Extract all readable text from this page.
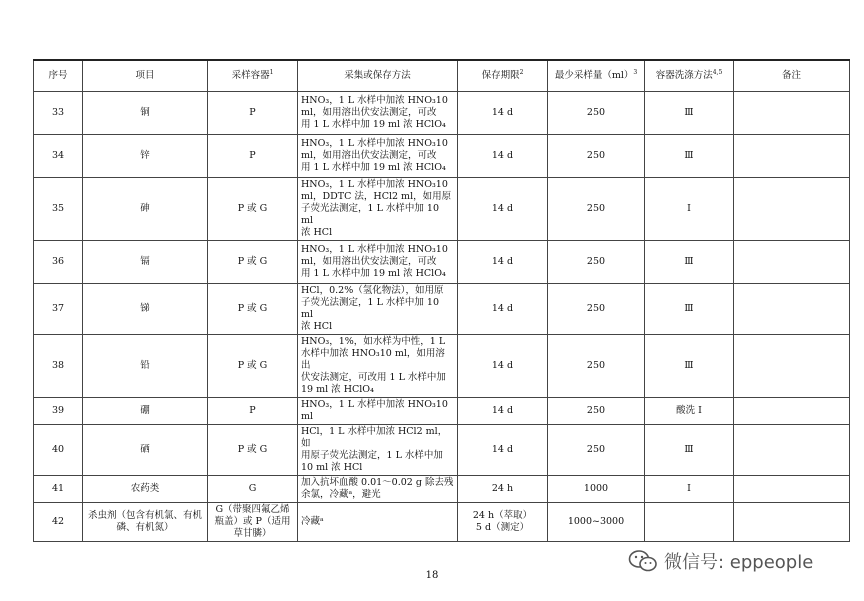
序号	项目	采样容器$^1$	采集或保存方法	保存期限$^2$	最少采样量（ml）$^3$	容器洗涤方法$^{4,5}$	备注
33	铜	P	HNO₃，1 L 水样中加浓 HNO₃10
ml，如用溶出伏安法测定，可改
用 1 L 水样中加 19 ml 浓 HClO₄	14 d	250	Ⅲ	
34	锌	P	HNO₃，1 L 水样中加浓 HNO₃10
ml，如用溶出伏安法测定，可改
用 1 L 水样中加 19 ml 浓 HClO₄	14 d	250	Ⅲ	
35	砷	P 或 G	HNO₃，1 L 水样中加浓 HNO₃10
ml，DDTC 法，HCl2 ml，如用原
子荧光法测定，1 L 水样中加 10 ml
浓 HCl	14 d	250	Ⅰ	
36	镉	P 或 G	HNO₃，1 L 水样中加浓 HNO₃10
ml，如用溶出伏安法测定，可改
用 1 L 水样中加 19 ml 浓 HClO₄	14 d	250	Ⅲ	
37	锑	P 或 G	HCl，0.2%（氢化物法），如用原
子荧光法测定，1 L 水样中加 10 ml
浓 HCl	14 d	250	Ⅲ	
38	铅	P 或 G	HNO₃，1%，如水样为中性，1 L
水样中加浓 HNO₃10 ml，如用溶出
伏安法测定，可改用 1 L 水样中加
19 ml 浓 HClO₄	14 d	250	Ⅲ	
39	硼	P	HNO₃，1 L 水样中加浓 HNO₃10 ml	14 d	250	酸洗 Ⅰ	
40	硒	P 或 G	HCl，1 L 水样中加浓 HCl2 ml，如
用原子荧光法测定，1 L 水样中加
10 ml 浓 HCl	14 d	250	Ⅲ	
41	农药类	G	加入抗坏血酸 0.01～0.02 g 除去残
余氯，冷藏ᵃ，避光	24 h	1000	Ⅰ	
42	杀虫剂（包含有机氯、有机磷、有机氮）	G（带聚四氟乙烯瓶盖）或 P（适用草甘膦）	冷藏ᵃ	24 h（萃取）
5 d（测定）	1000~3000		
18
微信号: eppeople
